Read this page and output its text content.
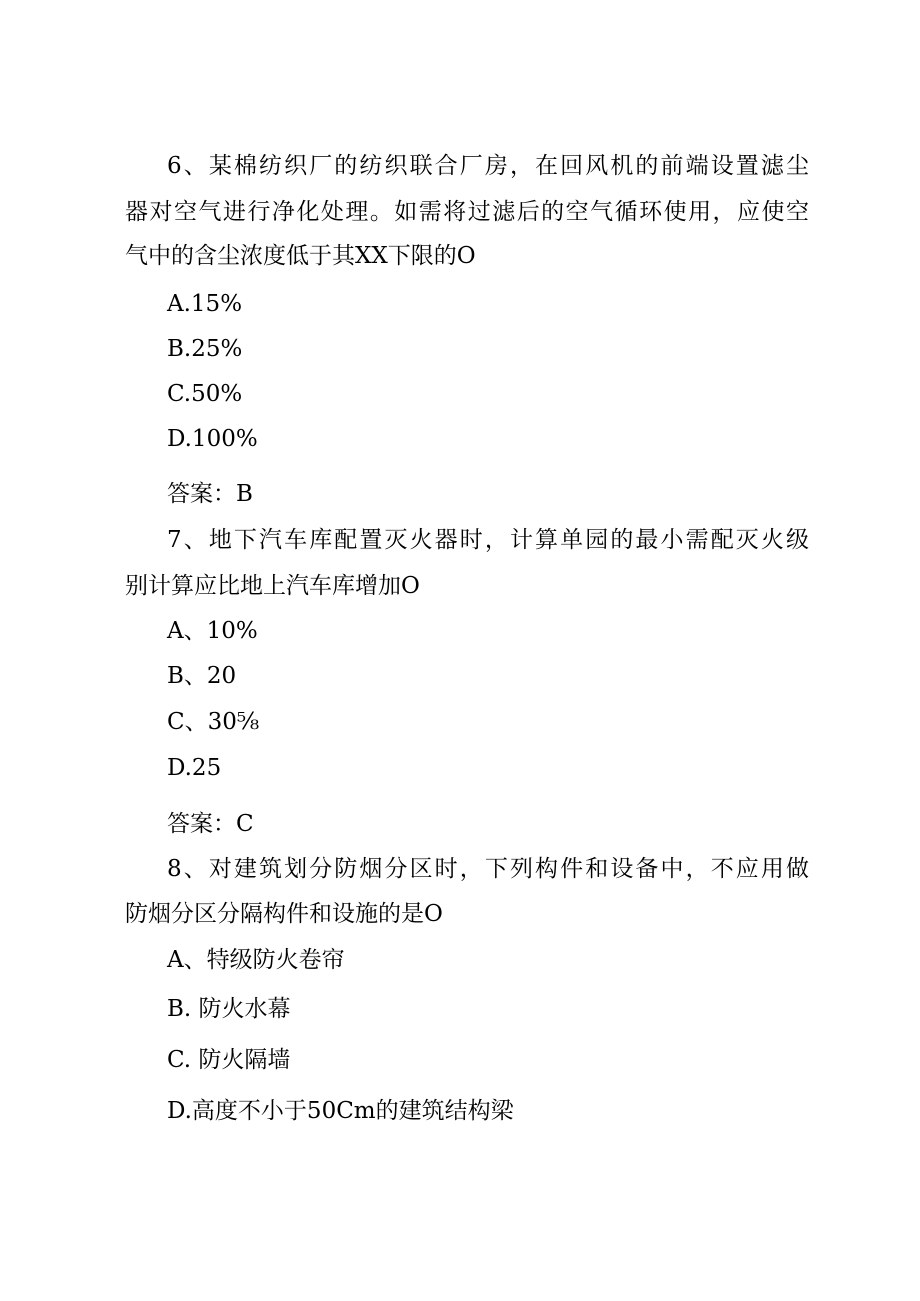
6、某棉纺织厂的纺织联合厂房，在回风机的前端设置滤尘

器对空气进行净化处理。如需将过滤后的空气循环使用，应使空

气中的含尘浓度低于其XX下限的O

A.15%

B.25%

C.50%

D.100%

答案：B

7、地下汽车库配置灭火器时，计算单园的最小需配灭火级

别计算应比地上汽车库增加O

A、10%

B、20

C、30⅝

D.25

答案：C

8、对建筑划分防烟分区时，下列构件和设备中，不应用做

防烟分区分隔构件和设施的是O

A、特级防火卷帘

B. 防火水幕

C. 防火隔墙

D.高度不小于50Cm的建筑结构梁
